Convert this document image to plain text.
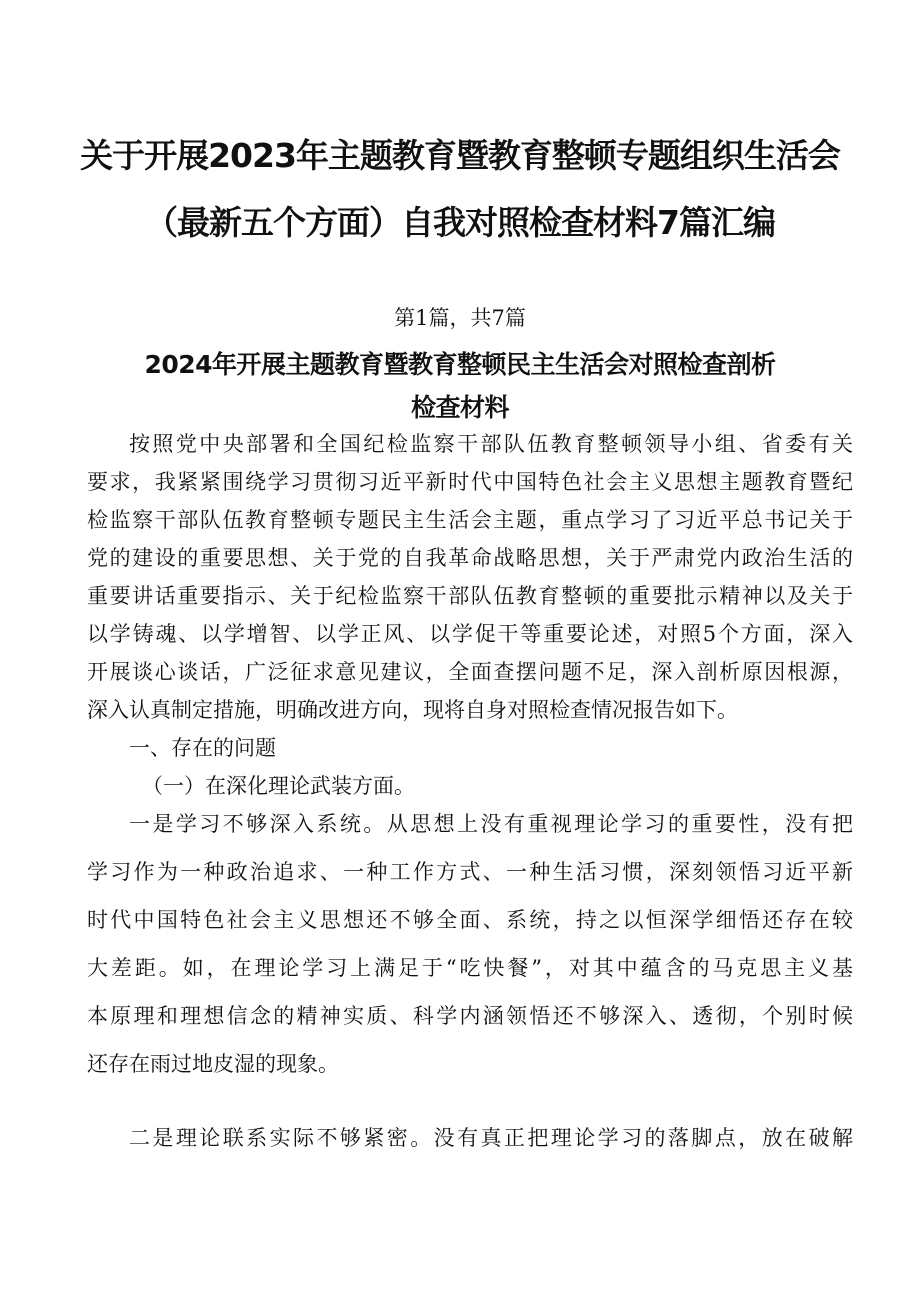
关于开展2023年主题教育暨教育整顿专题组织生活会
（最新五个方面）自我对照检查材料7篇汇编
第1篇，共7篇
2024年开展主题教育暨教育整顿民主生活会对照检查剖析
检查材料
按照党中央部署和全国纪检监察干部队伍教育整顿领导小组、省委有关
要求，我紧紧围绕学习贯彻习近平新时代中国特色社会主义思想主题教育暨纪
检监察干部队伍教育整顿专题民主生活会主题，重点学习了习近平总书记关于
党的建设的重要思想、关于党的自我革命战略思想，关于严肃党内政治生活的
重要讲话重要指示、关于纪检监察干部队伍教育整顿的重要批示精神以及关于
以学铸魂、以学增智、以学正风、以学促干等重要论述，对照5个方面，深入
开展谈心谈话，广泛征求意见建议，全面查摆问题不足，深入剖析原因根源，
深入认真制定措施，明确改进方向，现将自身对照检查情况报告如下。
一、存在的问题
（一）在深化理论武装方面。
一是学习不够深入系统。从思想上没有重视理论学习的重要性，没有把
学习作为一种政治追求、一种工作方式、一种生活习惯，深刻领悟习近平新
时代中国特色社会主义思想还不够全面、系统，持之以恒深学细悟还存在较
大差距。如，在理论学习上满足于“吃快餐”，对其中蕴含的马克思主义基
本原理和理想信念的精神实质、科学内涵领悟还不够深入、透彻，个别时候
还存在雨过地皮湿的现象。
二是理论联系实际不够紧密。没有真正把理论学习的落脚点，放在破解
